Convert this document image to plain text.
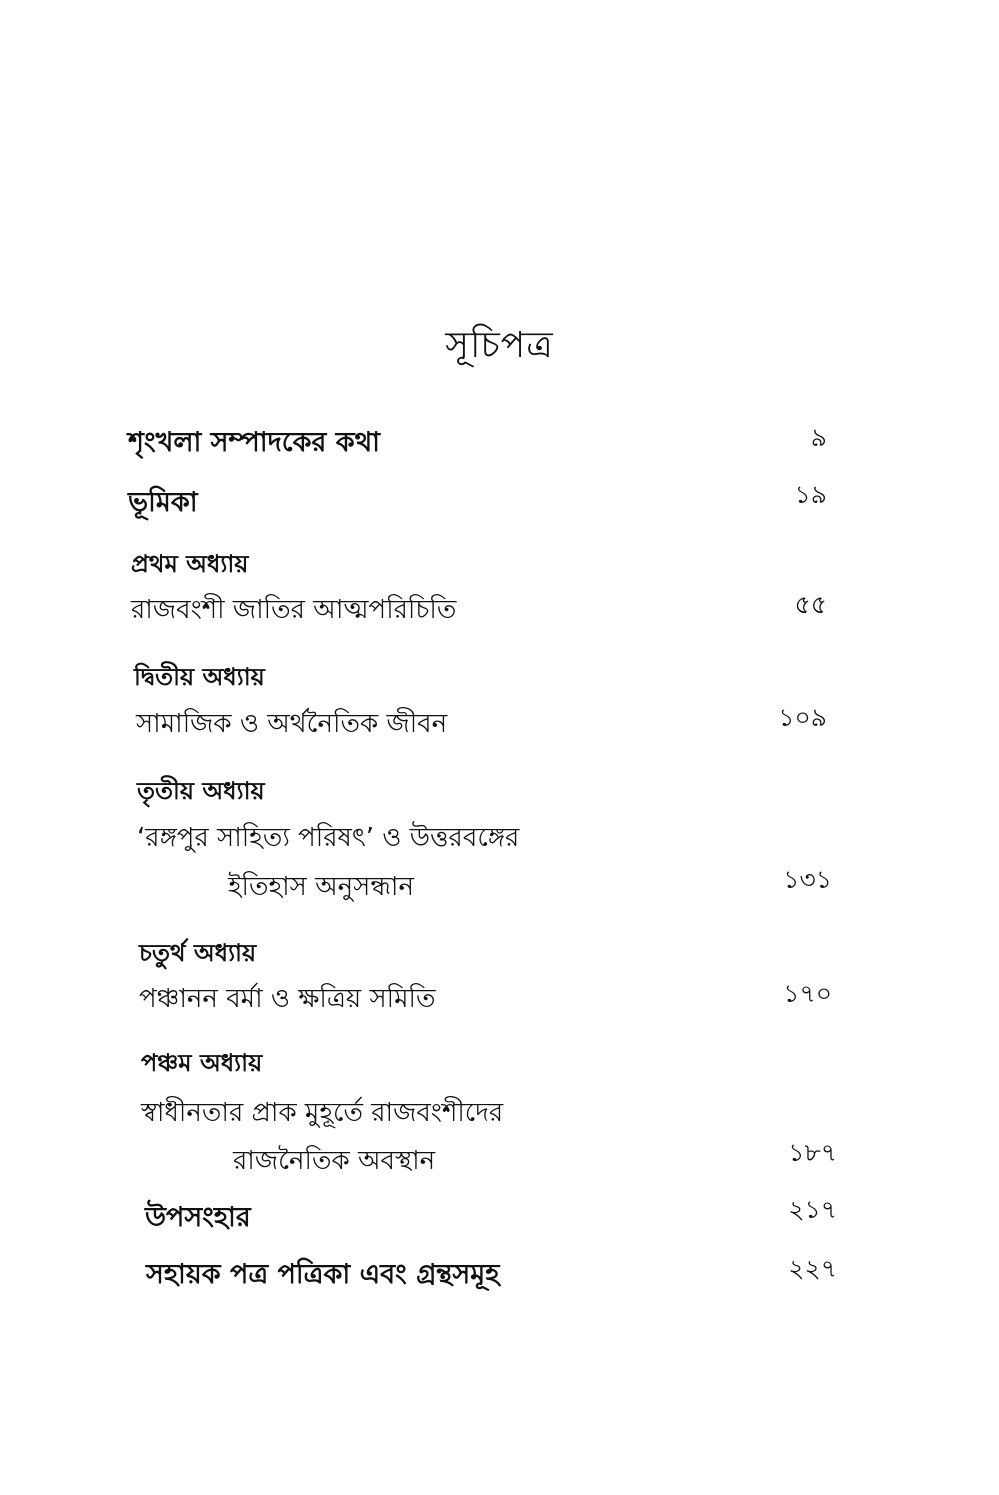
সূচিপত্র
শৃংখলা সম্পাদকের কথা	৯
ভূমিকা	১৯
প্রথম অধ্যায়
রাজবংশী জাতির আত্মপরিচিতি	৫৫
দ্বিতীয় অধ্যায়
সামাজিক ও অর্থনৈতিক জীবন	১০৯
তৃতীয় অধ্যায়
‘রঙ্গপুর সাহিত্য পরিষৎ’ ও উত্তরবঙ্গের
ইতিহাস অনুসন্ধান	১৩১
চতুর্থ অধ্যায়
পঞ্চানন বর্মা ও ক্ষত্রিয় সমিতি	১৭০
পঞ্চম অধ্যায়
স্বাধীনতার প্রাক মুহূর্তে রাজবংশীদের
রাজনৈতিক অবস্থান	১৮৭
উপসংহার	২১৭
সহায়ক পত্র পত্রিকা এবং গ্রন্থসমূহ	২২৭
